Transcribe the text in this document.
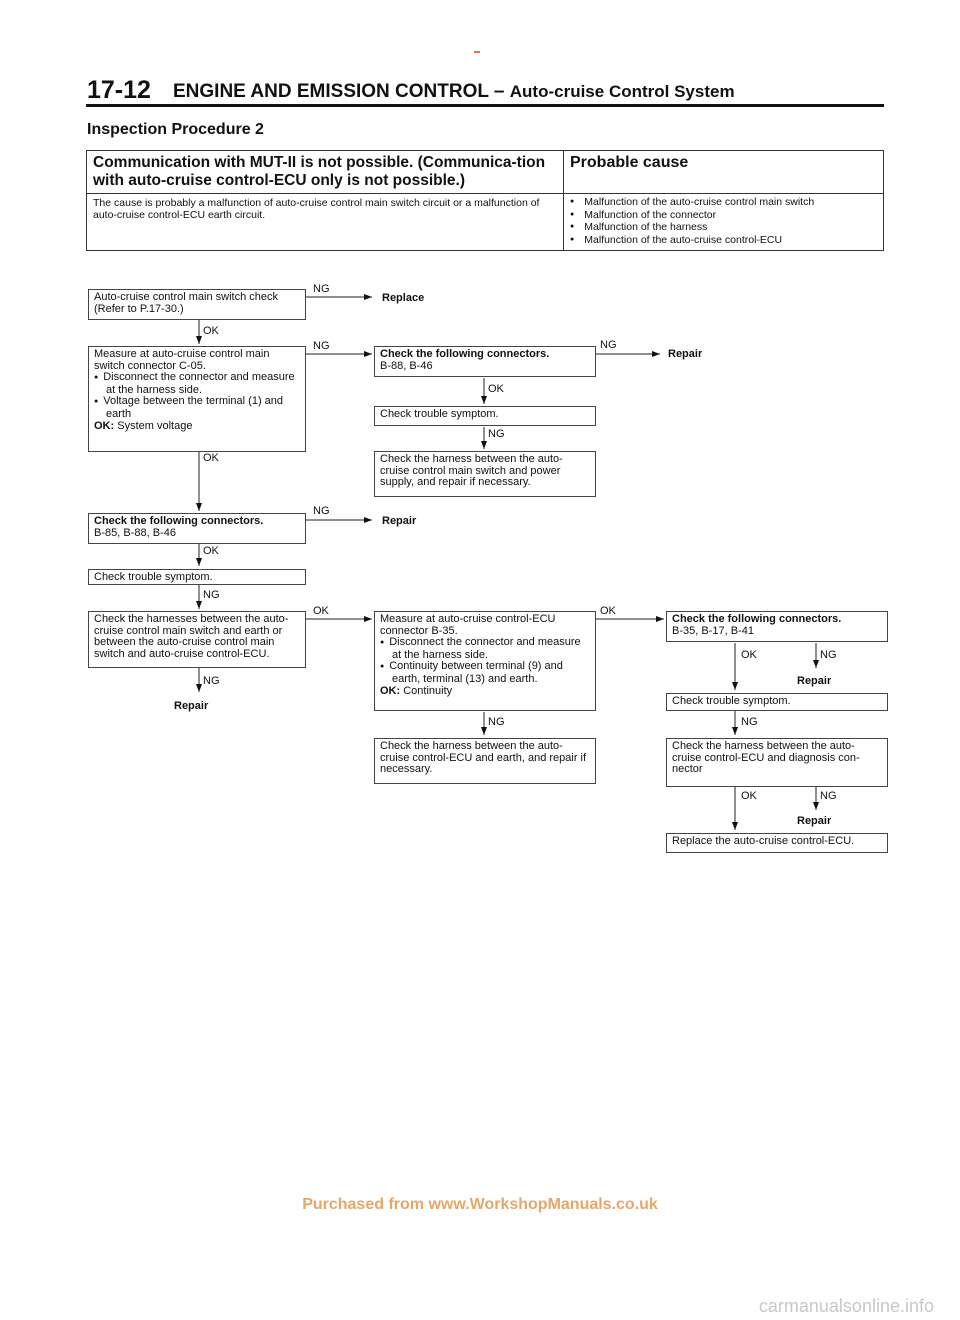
17-12 ENGINE AND EMISSION CONTROL – Auto-cruise Control System
Inspection Procedure 2
Communication with MUT-II is not possible. (Communica-tion with auto-cruise control-ECU only is not possible.)	Probable cause
The cause is probably a malfunction of auto-cruise control main switch circuit or a malfunction of auto-cruise control-ECU earth circuit.	● Malfunction of the auto-cruise control main switch
● Malfunction of the connector
● Malfunction of the harness
● Malfunction of the auto-cruise control-ECU
Auto-cruise control main switch check
(Refer to P.17-30.)
OK
NG
Replace
Measure at auto-cruise control main
switch connector C-05.
● Disconnect the connector and measure at the harness side.
● Voltage between the terminal (1) and earth
OK: System voltage
NG
OK
Check the following connectors.
B-85, B-88, B-46
NG
Repair
OK
Check trouble symptom.
NG
Check the harnesses between the auto-cruise control main switch and earth or between the auto-cruise control main switch and auto-cruise control-ECU.
OK
NG
Repair
Check the following connectors.
B-88, B-46
NG
Repair
OK
Check trouble symptom.
NG
Check the harness between the auto-cruise control main switch and power supply, and repair if necessary.
Measure at auto-cruise control-ECU
connector B-35.
● Disconnect the connector and measure at the harness side.
● Continuity between terminal (9) and earth, terminal (13) and earth.
OK: Continuity
OK
NG
Check the harness between the auto-cruise control-ECU and earth, and repair if necessary.
Check the following connectors.
B-35, B-17, B-41
OK	NG
Repair
Check trouble symptom.
NG
Check the harness between the auto-cruise control-ECU and diagnosis con-nector
OK	NG
Repair
Replace the auto-cruise control-ECU.
Purchased from www.WorkshopManuals.co.uk
carmanualsonline.info
